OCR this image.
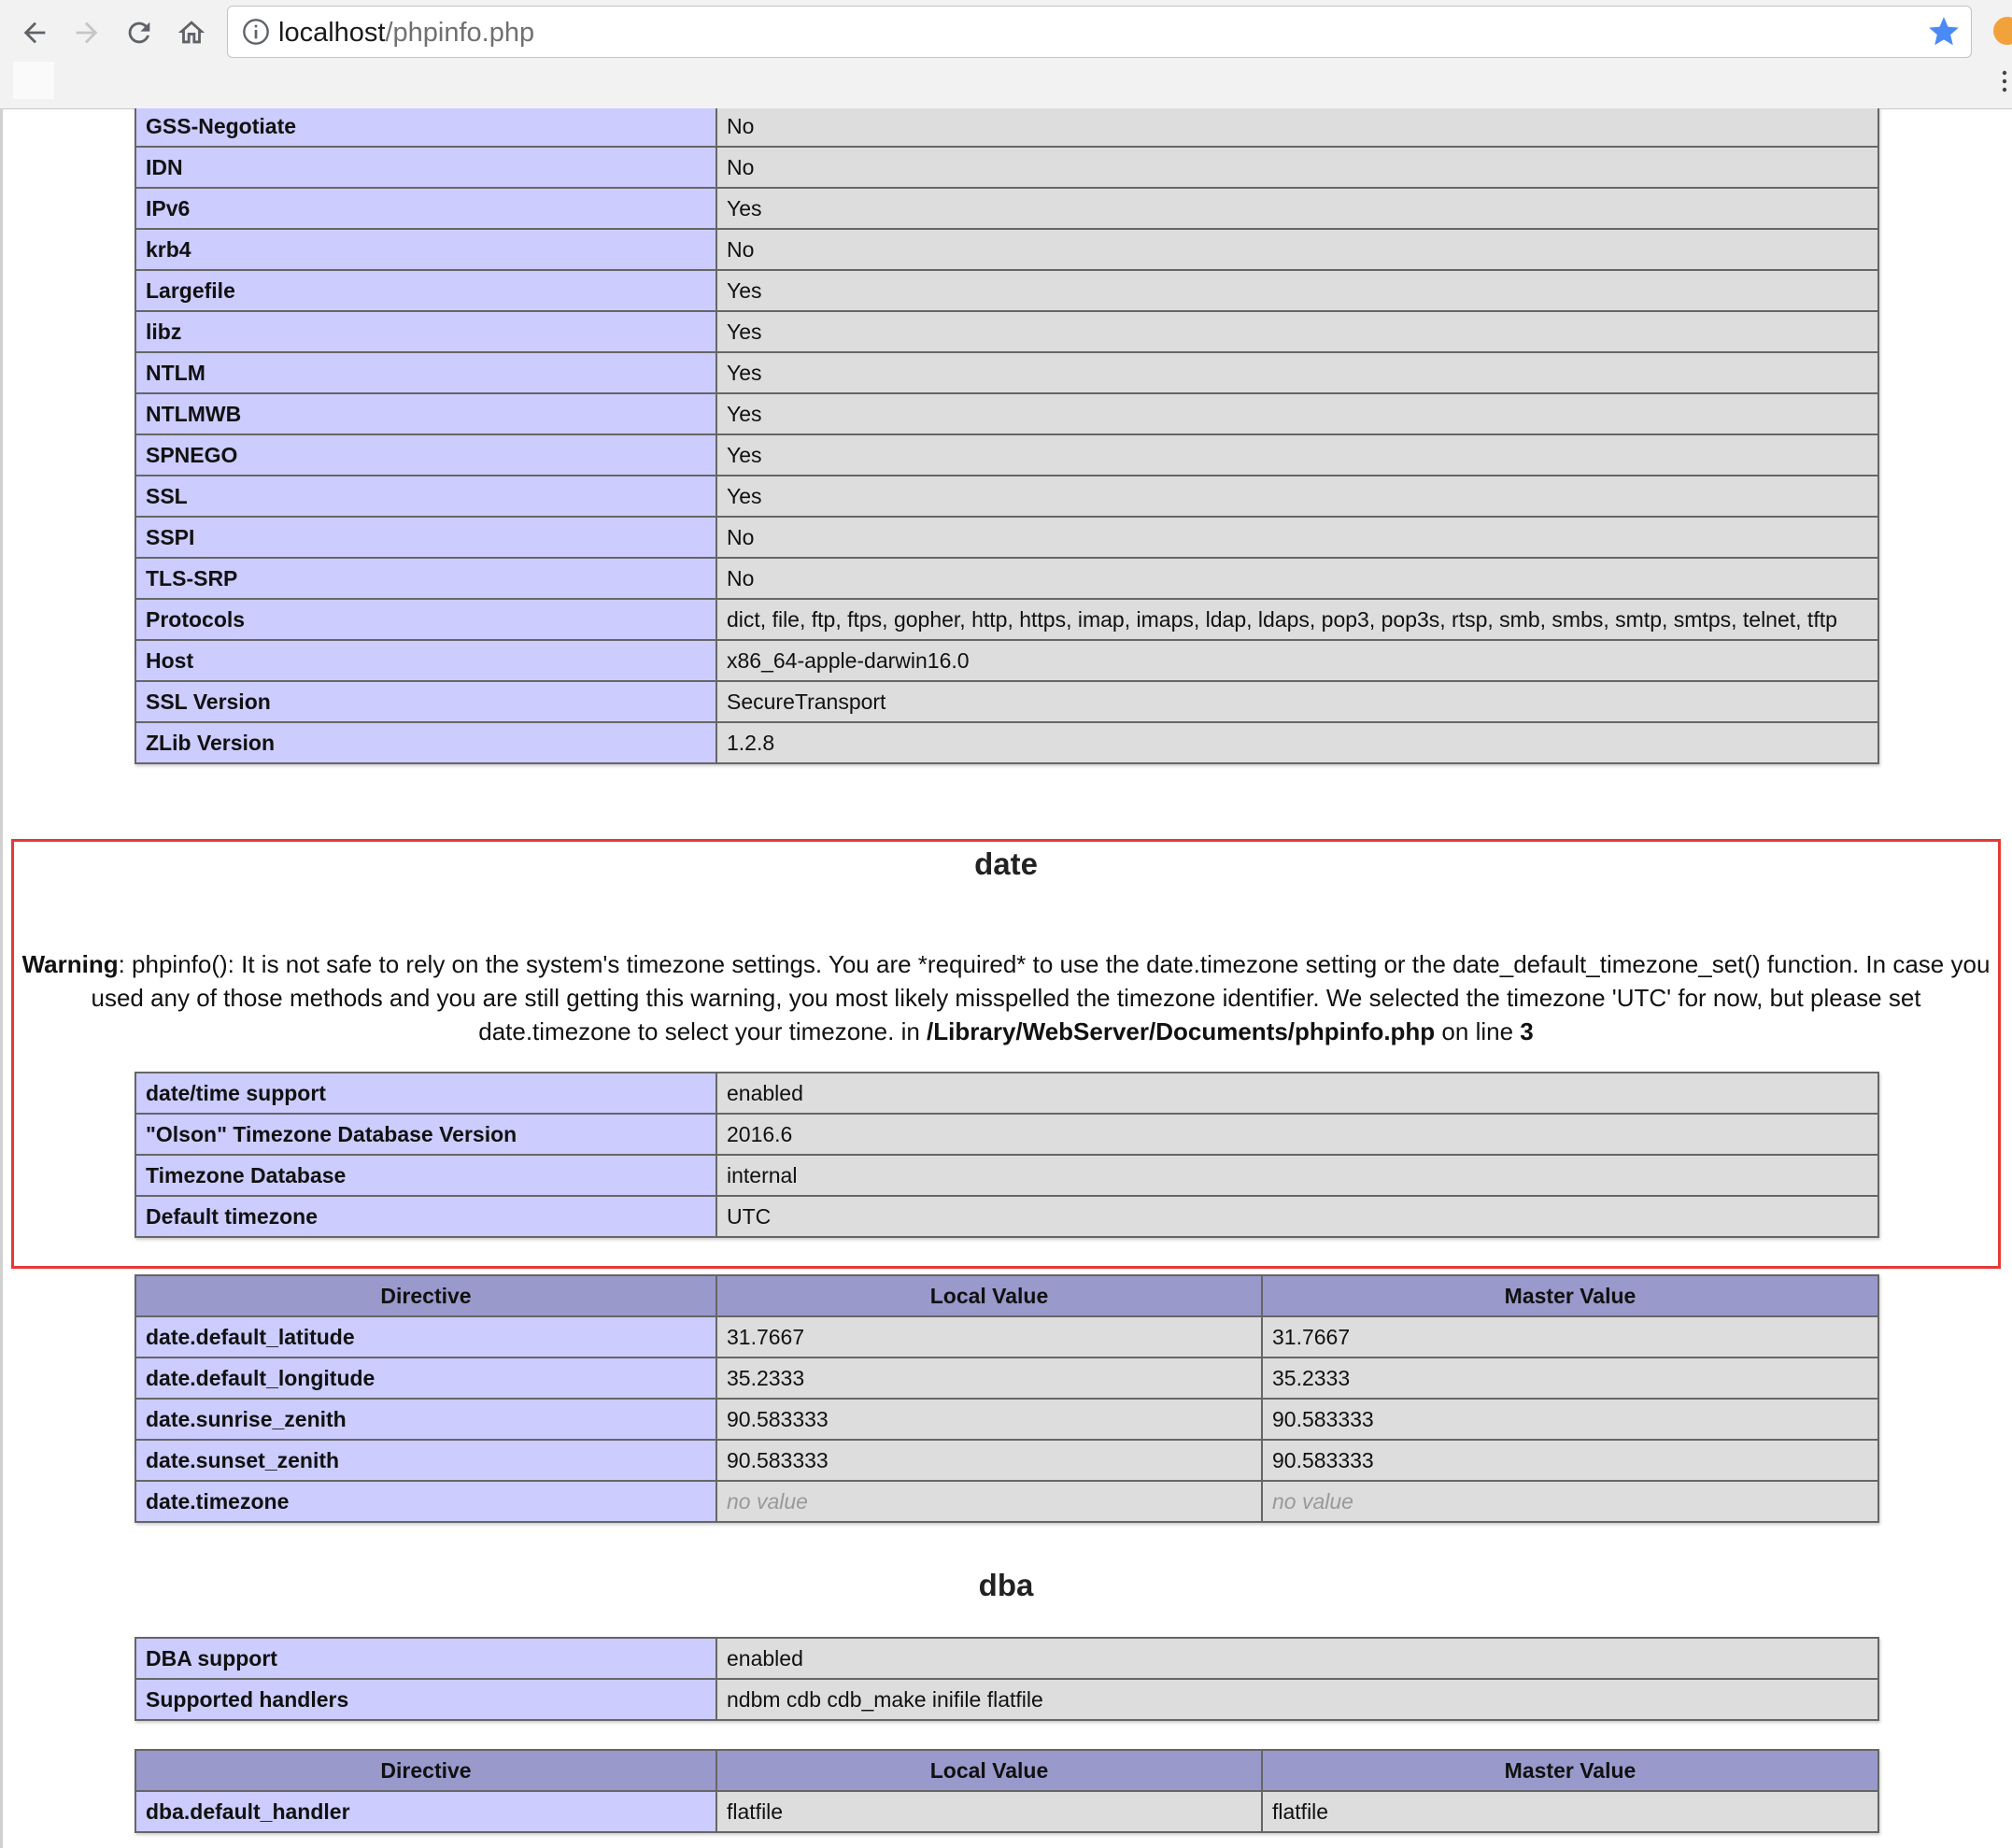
localhost/phpinfo.php
GSS-Negotiate	No
IDN	No
IPv6	Yes
krb4	No
Largefile	Yes
libz	Yes
NTLM	Yes
NTLMWB	Yes
SPNEGO	Yes
SSL	Yes
SSPI	No
TLS-SRP	No
Protocols	dict, file, ftp, ftps, gopher, http, https, imap, imaps, ldap, ldaps, pop3, pop3s, rtsp, smb, smbs, smtp, smtps, telnet, tftp
Host	x86_64-apple-darwin16.0
SSL Version	SecureTransport
ZLib Version	1.2.8
date
Warning: phpinfo(): It is not safe to rely on the system's timezone settings. You are *required* to use the date.timezone setting or the date_default_timezone_set() function. In case you used any of those methods and you are still getting this warning, you most likely misspelled the timezone identifier. We selected the timezone 'UTC' for now, but please set date.timezone to select your timezone. in /Library/WebServer/Documents/phpinfo.php on line 3
date/time support	enabled
"Olson" Timezone Database Version	2016.6
Timezone Database	internal
Default timezone	UTC
Directive	Local Value	Master Value
date.default_latitude	31.7667	31.7667
date.default_longitude	35.2333	35.2333
date.sunrise_zenith	90.583333	90.583333
date.sunset_zenith	90.583333	90.583333
date.timezone	no value	no value
dba
DBA support	enabled
Supported handlers	ndbm cdb cdb_make inifile flatfile
Directive	Local Value	Master Value
dba.default_handler	flatfile	flatfile
